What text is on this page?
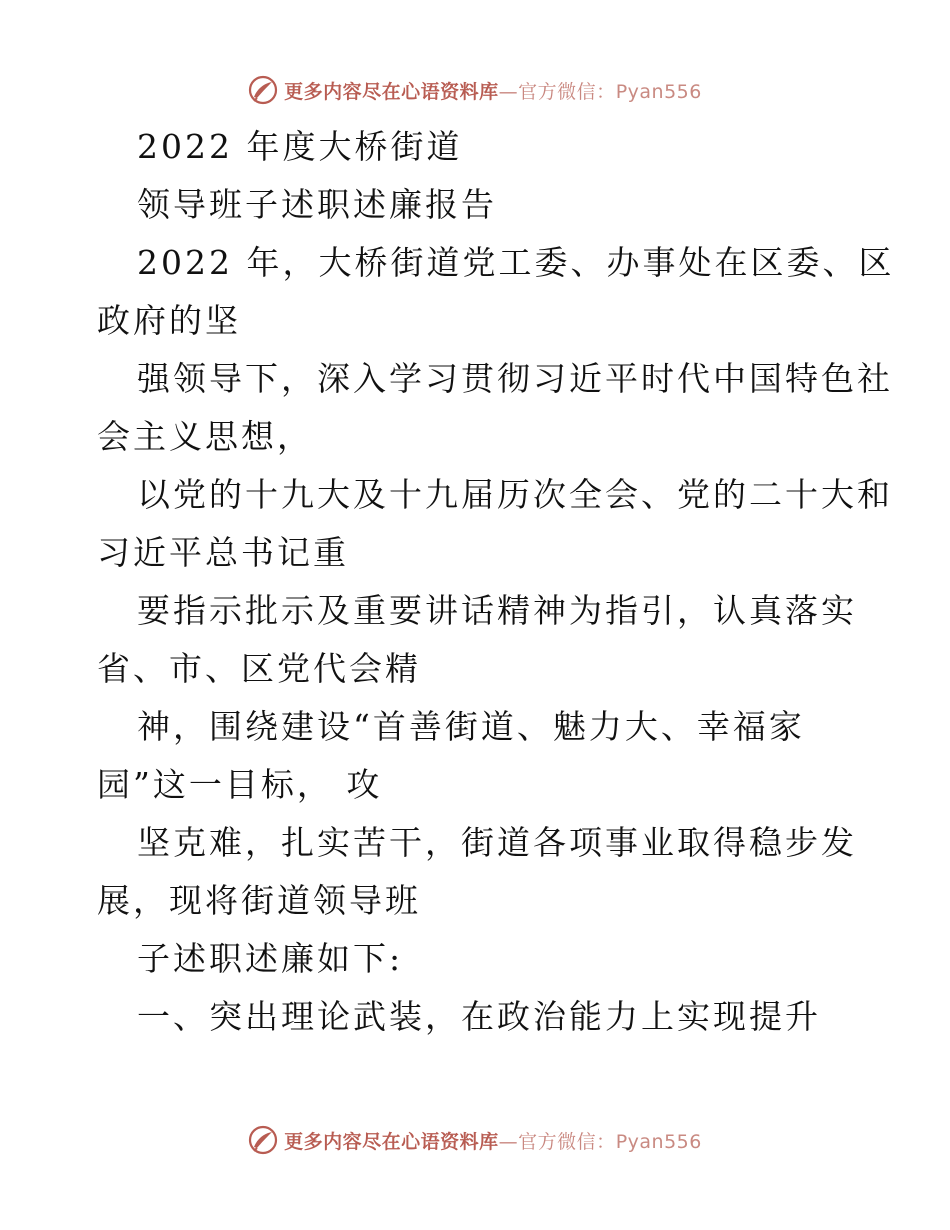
更多内容尽在心语资料库—官方微信：Pyan556
2022 年度大桥街道
领导班子述职述廉报告
2022 年，大桥街道党工委、办事处在区委、区
政府的坚
强领导下，深入学习贯彻习近平时代中国特色社
会主义思想，
以党的十九大及十九届历次全会、党的二十大和
习近平总书记重
要指示批示及重要讲话精神为指引，认真落实
省、市、区党代会精
神，围绕建设“首善街道、魅力大、幸福家
园”这一目标， 攻
坚克难，扎实苦干，街道各项事业取得稳步发
展，现将街道领导班
子述职述廉如下:
一、突出理论武装，在政治能力上实现提升
更多内容尽在心语资料库—官方微信：Pyan556
